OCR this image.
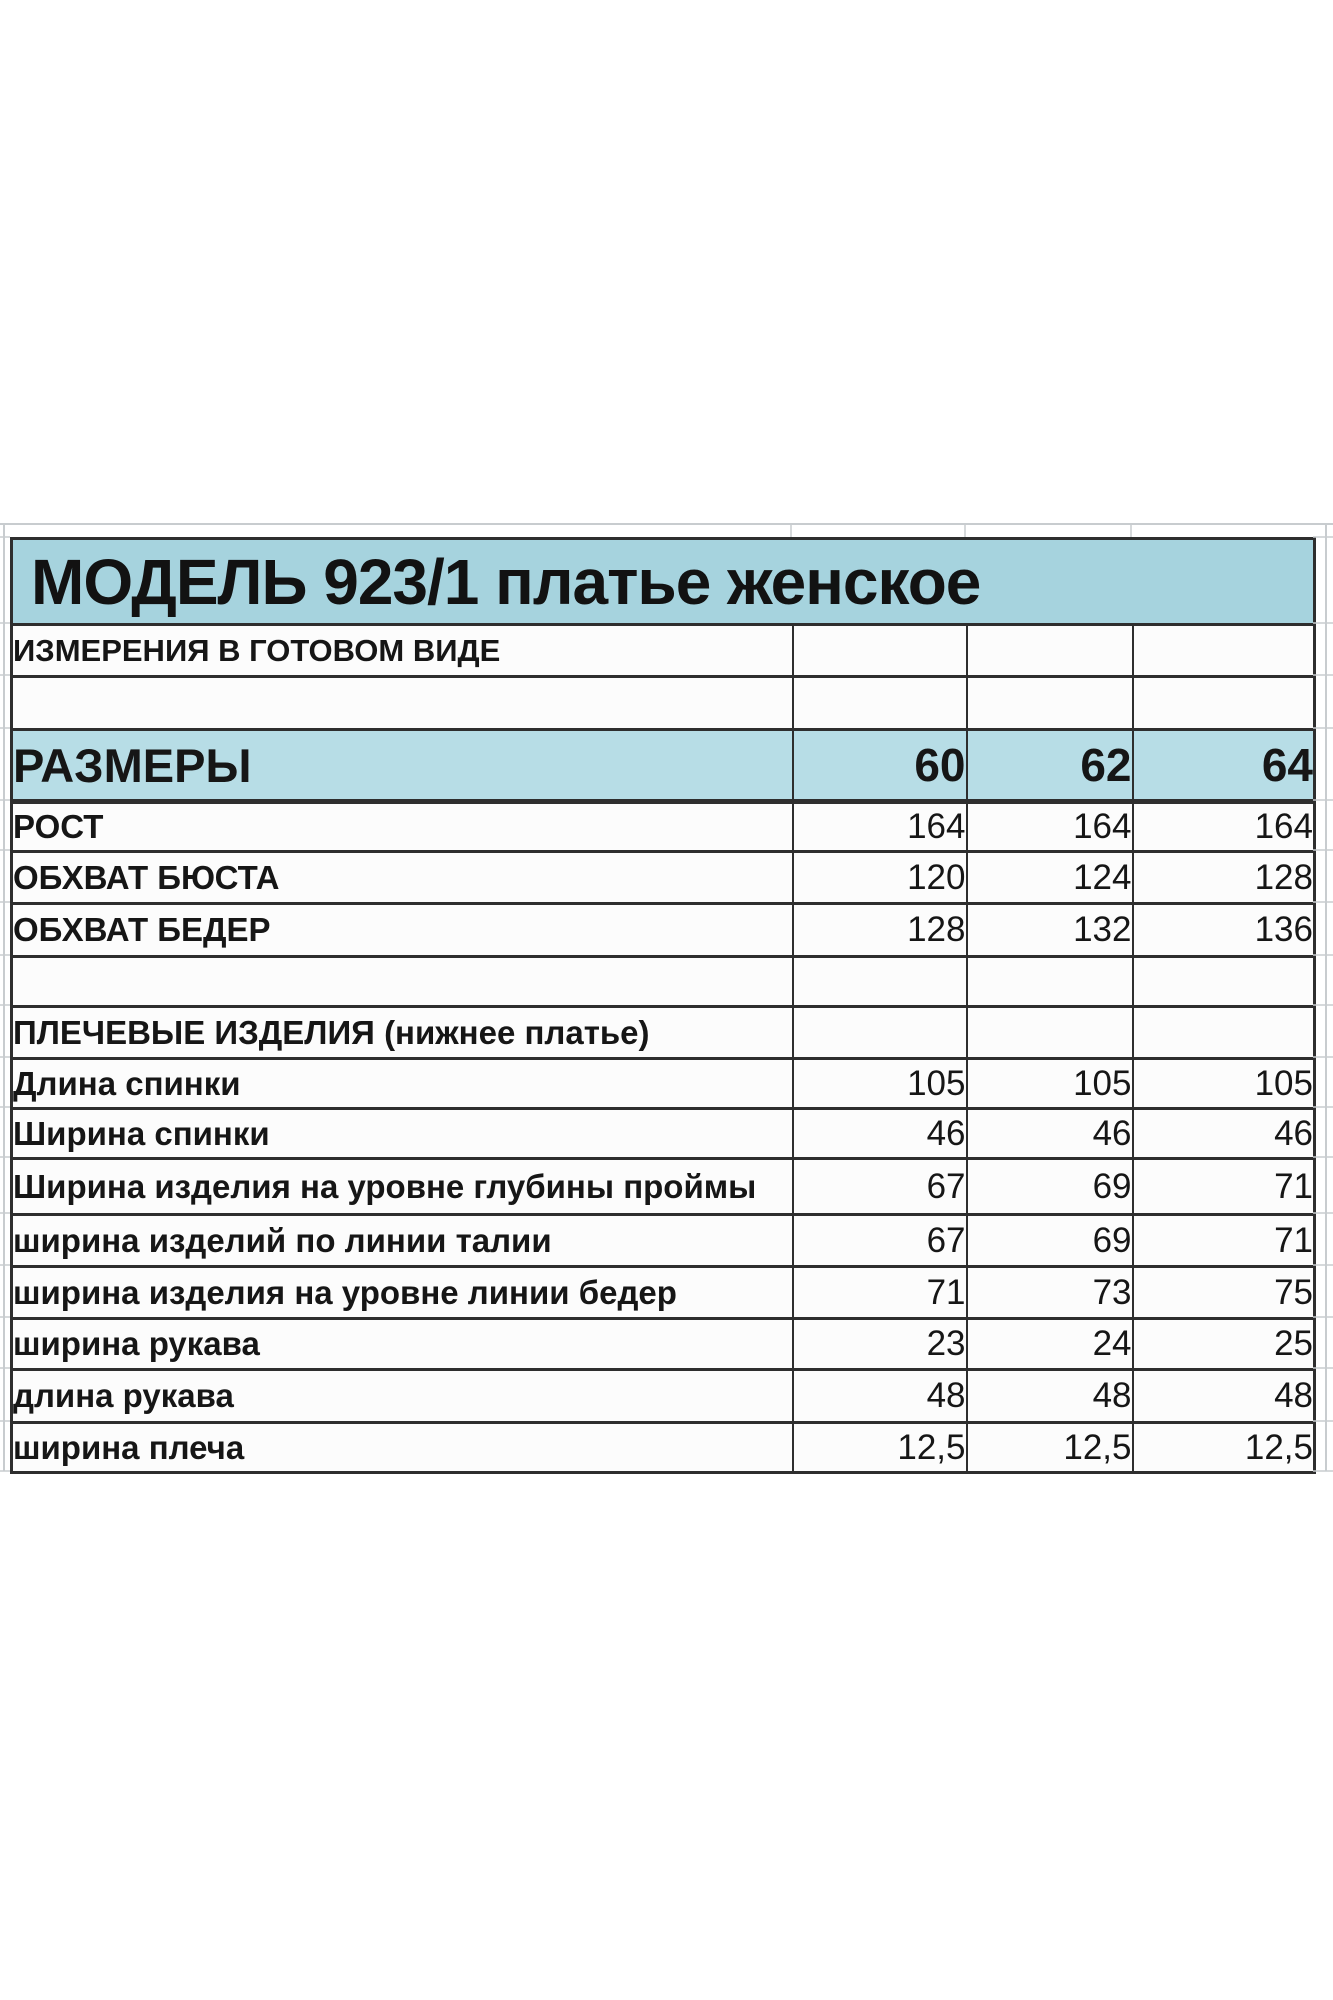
МОДЕЛЬ 923/1 платье женское			
ИЗМЕРЕНИЯ В ГОТОВОМ ВИДЕ			

РАЗМЕРЫ	60	62	64
РОСТ	164	164	164
ОБХВАТ БЮСТА	120	124	128
ОБХВАТ БЕДЕР	128	132	136

ПЛЕЧЕВЫЕ ИЗДЕЛИЯ (нижнее платье)			
Длина спинки	105	105	105
Ширина спинки	46	46	46
Ширина изделия на уровне глубины проймы	67	69	71
ширина изделий по линии талии	67	69	71
ширина изделия на уровне линии бедер	71	73	75
ширина рукава	23	24	25
длина рукава	48	48	48
ширина плеча	12,5	12,5	12,5
